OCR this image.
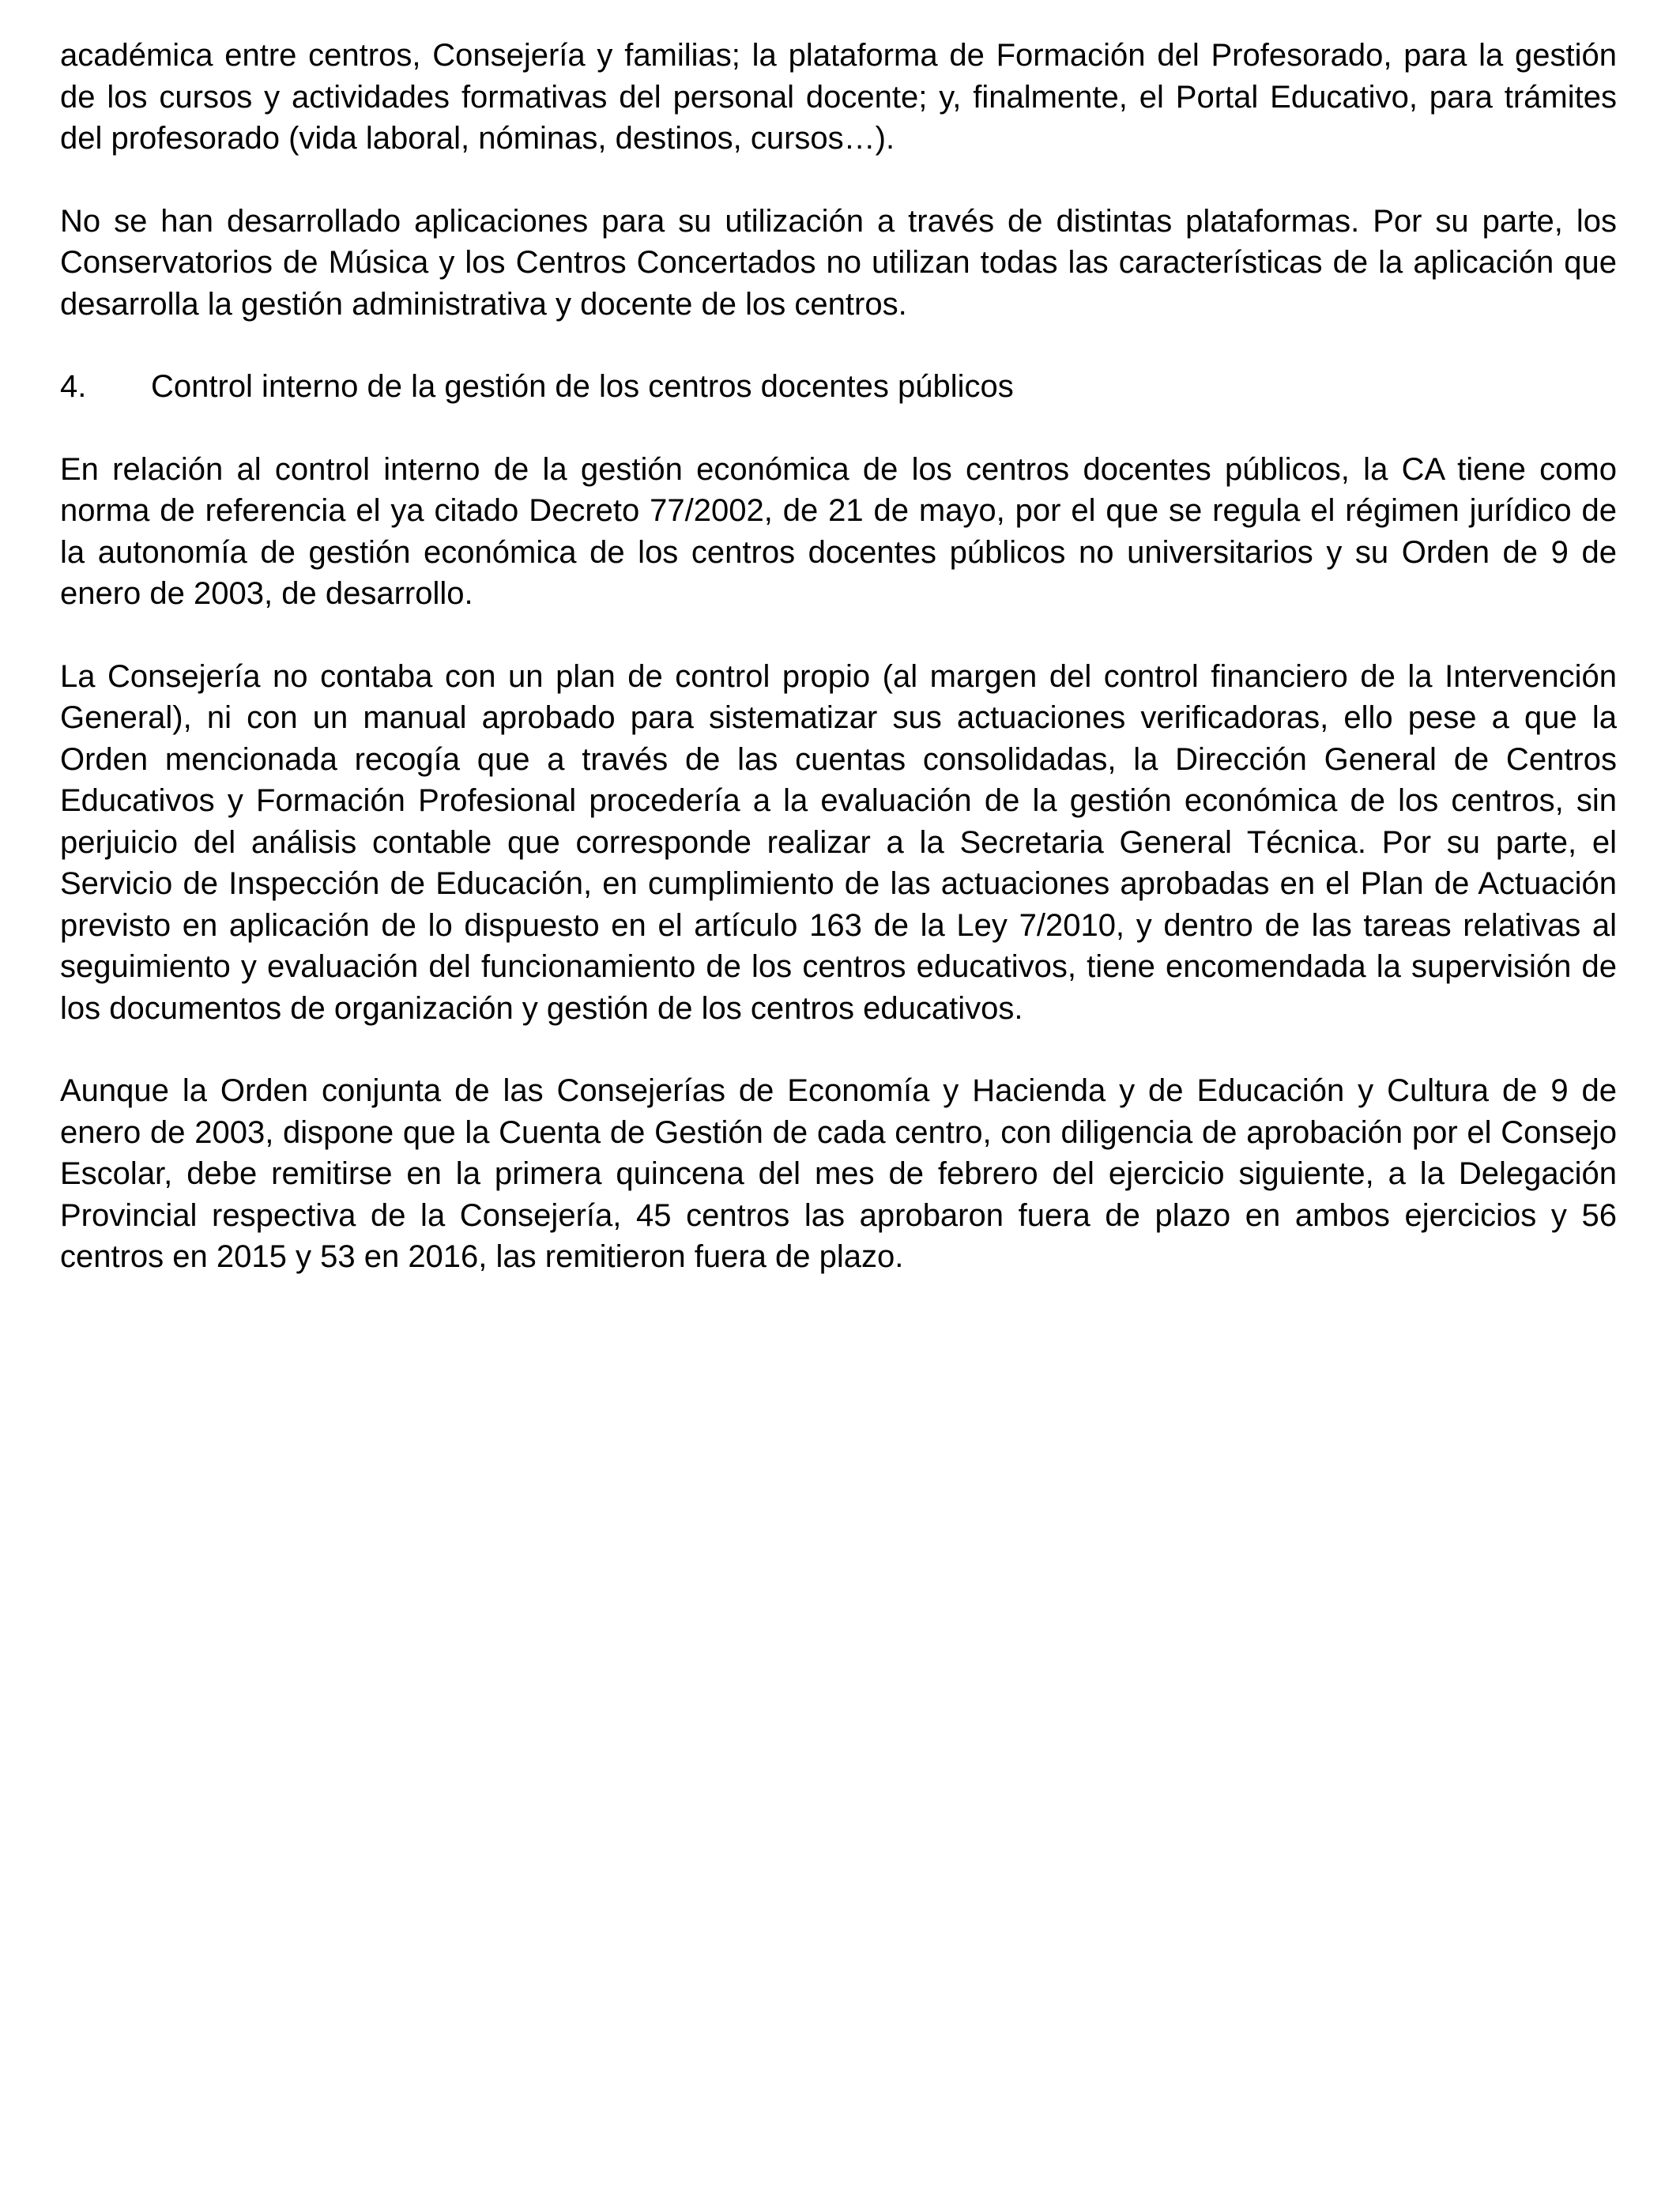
académica entre centros, Consejería y familias; la plataforma de Formación del Profesorado, para la gestión de los cursos y actividades formativas del personal docente; y, finalmente, el Portal Educativo, para trámites del profesorado (vida laboral, nóminas, destinos, cursos…).

No se han desarrollado aplicaciones para su utilización a través de distintas plataformas. Por su parte, los Conservatorios de Música y los Centros Concertados no utilizan todas las características de la aplicación que desarrolla la gestión administrativa y docente de los centros.

4.	Control interno de la gestión de los centros docentes públicos

En relación al control interno de la gestión económica de los centros docentes públicos, la CA tiene como norma de referencia el ya citado Decreto 77/2002, de 21 de mayo, por el que se regula el régimen jurídico de la autonomía de gestión económica de los centros docentes públicos no universitarios y su Orden de 9 de enero de 2003, de desarrollo.

La Consejería no contaba con un plan de control propio (al margen del control financiero de la Intervención General), ni con un manual aprobado para sistematizar sus actuaciones verificadoras, ello pese a que la Orden mencionada recogía que a través de las cuentas consolidadas, la Dirección General de Centros Educativos y Formación Profesional procedería a la evaluación de la gestión económica de los centros, sin perjuicio del análisis contable que corresponde realizar a la Secretaria General Técnica. Por su parte, el Servicio de Inspección de Educación, en cumplimiento de las actuaciones aprobadas en el Plan de Actuación previsto en aplicación de lo dispuesto en el artículo 163 de la Ley 7/2010, y dentro de las tareas relativas al seguimiento y evaluación del funcionamiento de los centros educativos, tiene encomendada la supervisión de los documentos de organización y gestión de los centros educativos.

Aunque la Orden conjunta de las Consejerías de Economía y Hacienda y de Educación y Cultura de 9 de enero de 2003, dispone que la Cuenta de Gestión de cada centro, con diligencia de aprobación por el Consejo Escolar, debe remitirse en la primera quincena del mes de febrero del ejercicio siguiente, a la Delegación Provincial respectiva de la Consejería, 45 centros las aprobaron fuera de plazo en ambos ejercicios y 56 centros en 2015 y 53 en 2016, las remitieron fuera de plazo.
